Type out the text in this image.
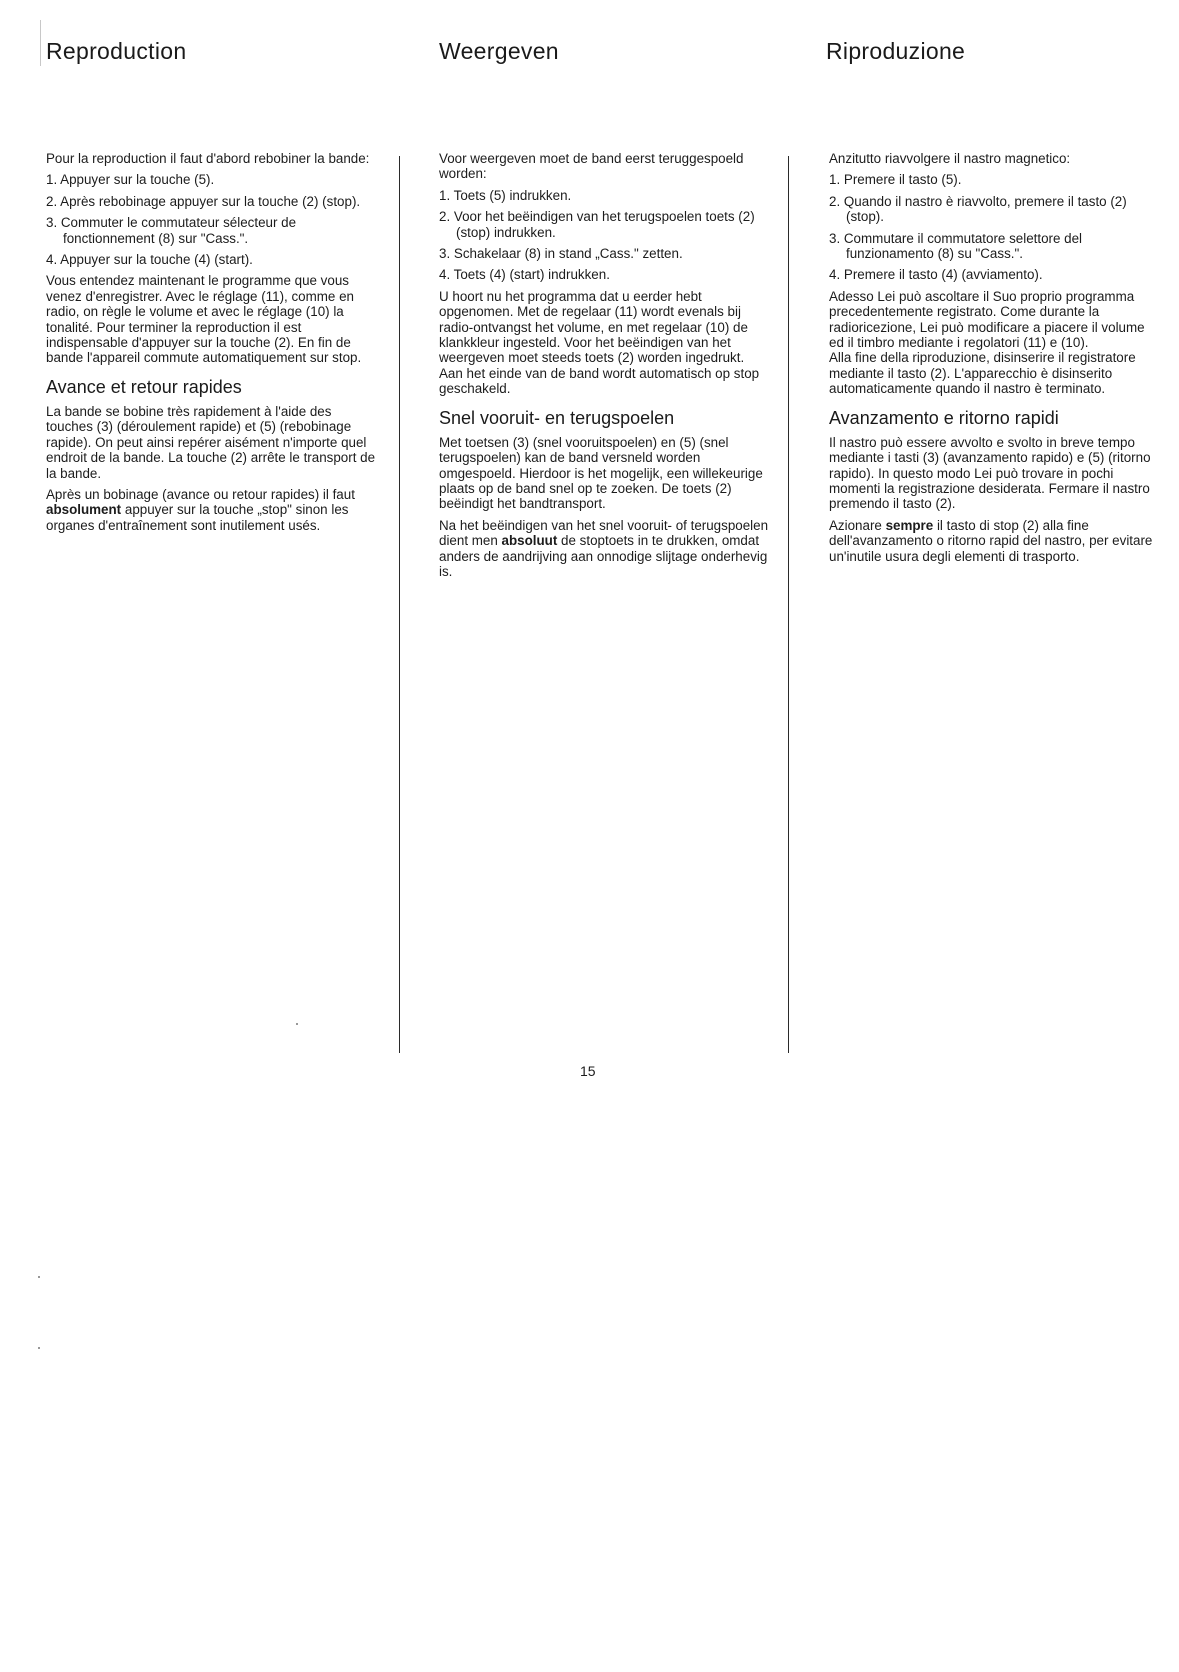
Reproduction	Weergeven	Riproduzione

Pour la reproduction il faut d'abord rebobiner la bande:

1. Appuyer sur la touche (5).
2. Après rebobinage appuyer sur la touche (2) (stop).
3. Commuter le commutateur sélecteur de fonctionnement (8) sur "Cass.".
4. Appuyer sur la touche (4) (start).

Vous entendez maintenant le programme que vous venez d'enregistrer. Avec le réglage (11), comme en radio, on règle le volume et avec le réglage (10) la tonalité. Pour terminer la reproduction il est indispensable d'appuyer sur la touche (2). En fin de bande l'appareil commute automatiquement sur stop.

Avance et retour rapides

La bande se bobine très rapidement à l'aide des touches (3) (déroulement rapide) et (5) (rebobinage rapide). On peut ainsi repérer aisément n'importe quel endroit de la bande. La touche (2) arrête le transport de la bande.

Après un bobinage (avance ou retour rapides) il faut absolument appuyer sur la touche „stop" sinon les organes d'entraînement sont inutilement usés.

Voor weergeven moet de band eerst teruggespoeld worden:

1. Toets (5) indrukken.
2. Voor het beëindigen van het terugspoelen toets (2) (stop) indrukken.
3. Schakelaar (8) in stand „Cass." zetten.
4. Toets (4) (start) indrukken.

U hoort nu het programma dat u eerder hebt opgenomen. Met de regelaar (11) wordt evenals bij radio-ontvangst het volume, en met regelaar (10) de klankkleur ingesteld. Voor het beëindigen van het weergeven moet steeds toets (2) worden ingedrukt. Aan het einde van de band wordt automatisch op stop geschakeld.

Snel vooruit- en terugspoelen

Met toetsen (3) (snel vooruitspoelen) en (5) (snel terugspoelen) kan de band versneld worden omgespoeld. Hierdoor is het mogelijk, een willekeurige plaats op de band snel op te zoeken. De toets (2) beëindigt het bandtransport.

Na het beëindigen van het snel vooruit- of terugspoelen dient men absoluut de stoptoets in te drukken, omdat anders de aandrijving aan onnodige slijtage onderhevig is.

Anzitutto riavvolgere il nastro magnetico:

1. Premere il tasto (5).
2. Quando il nastro è riavvolto, premere il tasto (2) (stop).
3. Commutare il commutatore selettore del funzionamento (8) su "Cass.".
4. Premere il tasto (4) (avviamento).

Adesso Lei può ascoltare il Suo proprio programma precedentemente registrato. Come durante la radioricezione, Lei può modificare a piacere il volume ed il timbro mediante i regolatori (11) e (10).

Alla fine della riproduzione, disinserire il registratore mediante il tasto (2). L'apparecchio è disinserito automaticamente quando il nastro è terminato.

Avanzamento e ritorno rapidi

Il nastro può essere avvolto e svolto in breve tempo mediante i tasti (3) (avanzamento rapido) e (5) (ritorno rapido). In questo modo Lei può trovare in pochi momenti la registrazione desiderata. Fermare il nastro premendo il tasto (2).

Azionare sempre il tasto di stop (2) alla fine dell'avanzamento o ritorno rapid del nastro, per evitare un'inutile usura degli elementi di trasporto.

15
